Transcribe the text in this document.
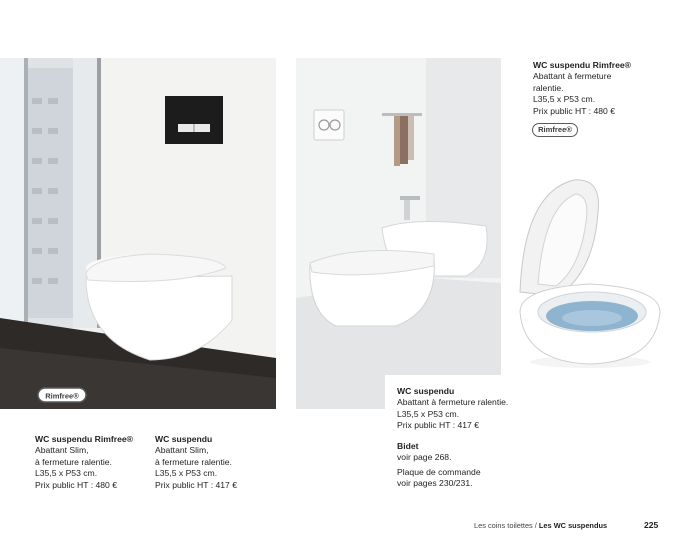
Rimfree®
WC suspendu Rimfree®
Abattant à fermeture
ralentie.
L35,5 x P53 cm.
Prix public HT : 480 €
Rimfree®
WC suspendu
Abattant à fermeture ralentie.
L35,5 x P53 cm.
Prix public HT : 417 €
Bidet
voir page 268.
Plaque de commande
voir pages 230/231.
WC suspendu Rimfree®
Abattant Slim,
à fermeture ralentie.
L35,5 x P53 cm.
Prix public HT : 480 €
WC suspendu
Abattant Slim,
à fermeture ralentie.
L35,5 x P53 cm.
Prix public HT : 417 €
Les coins toilettes / Les WC suspendus	225
